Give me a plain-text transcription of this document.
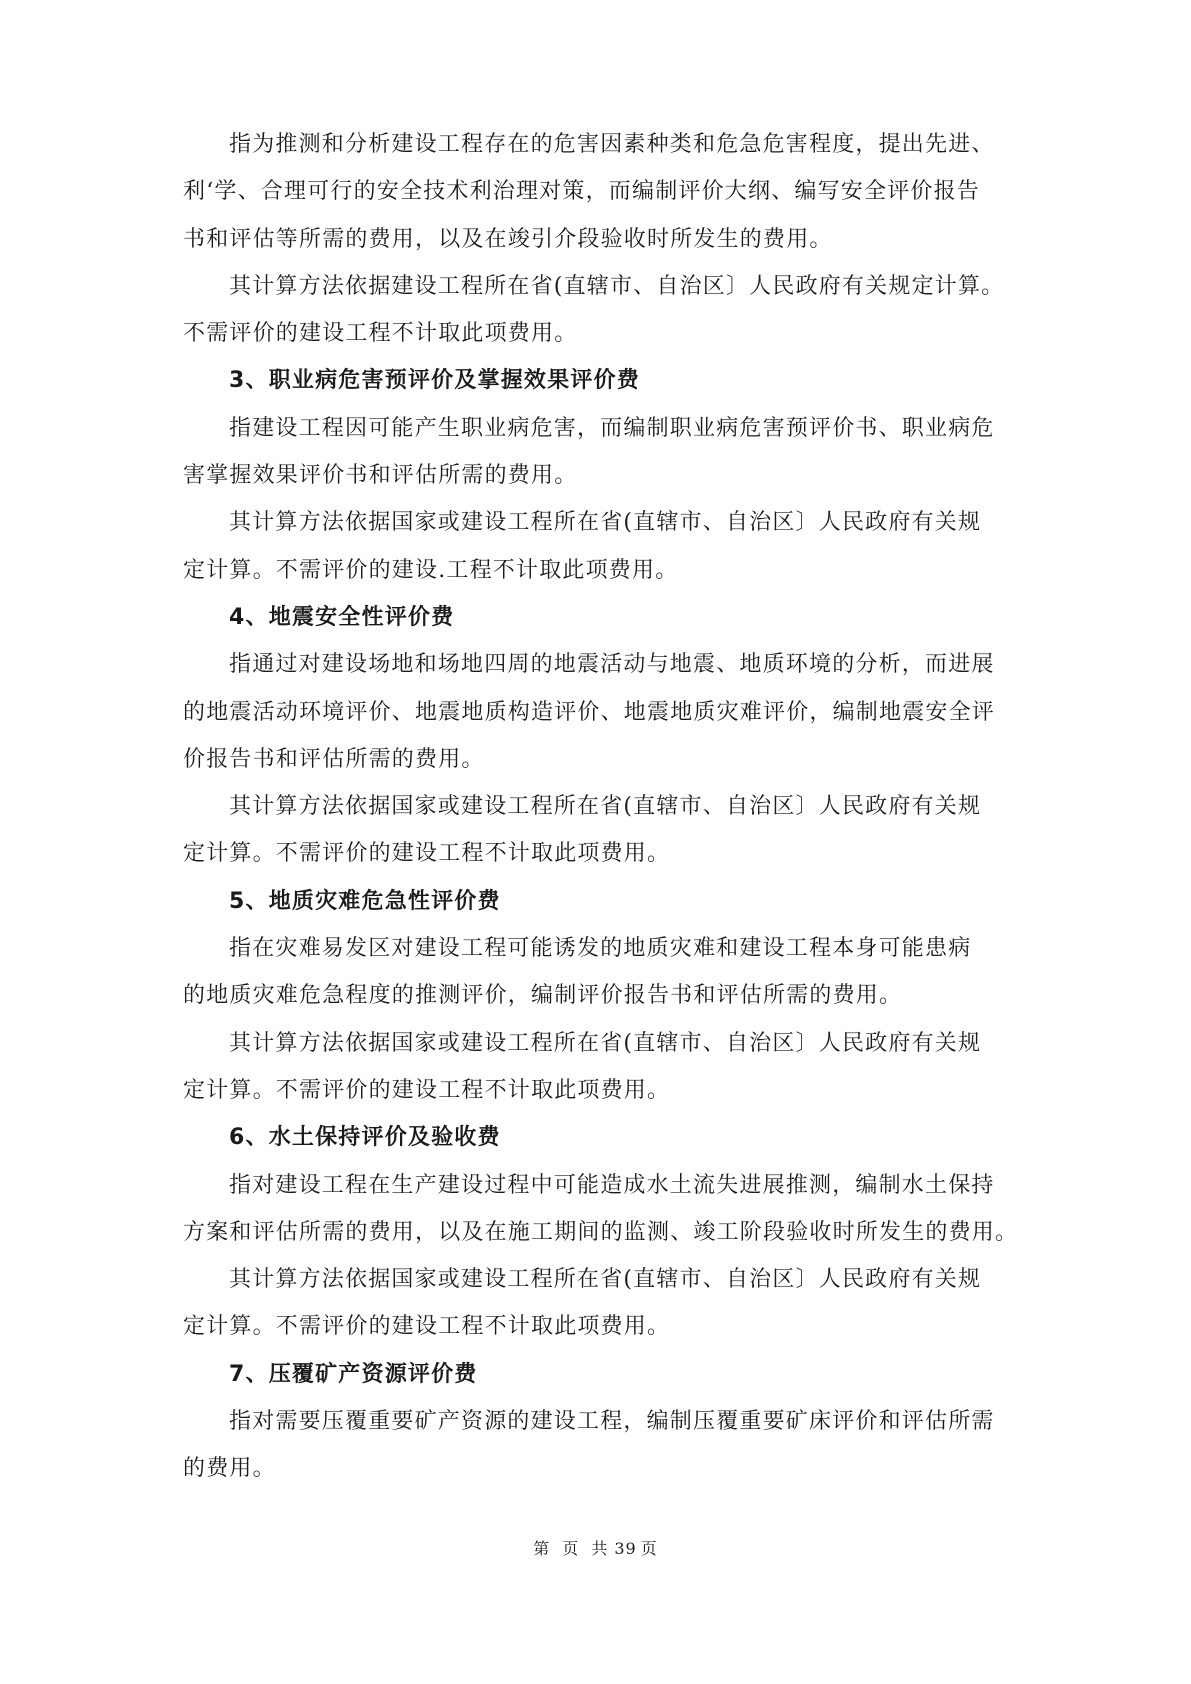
指为推测和分析建设工程存在的危害因素种类和危急危害程度，提出先进、
利‘学、合理可行的安全技术利治理对策，而编制评价大纲、编写安全评价报告
书和评估等所需的费用，以及在竣引介段验收时所发生的费用。
其计算方法依据建设工程所在省(直辖市、自治区〕人民政府有关规定计算。
不需评价的建设工程不计取此项费用。
3、职业病危害预评价及掌握效果评价费
指建设工程因可能产生职业病危害，而编制职业病危害预评价书、职业病危
害掌握效果评价书和评估所需的费用。
其计算方法依据国家或建设工程所在省(直辖市、自治区〕人民政府有关规
定计算。不需评价的建设.工程不计取此项费用。
4、地震安全性评价费
指通过对建设场地和场地四周的地震活动与地震、地质环境的分析，而进展
的地震活动环境评价、地震地质构造评价、地震地质灾难评价，编制地震安全评
价报告书和评估所需的费用。
其计算方法依据国家或建设工程所在省(直辖市、自治区〕人民政府有关规
定计算。不需评价的建设工程不计取此项费用。
5、地质灾难危急性评价费
指在灾难易发区对建设工程可能诱发的地质灾难和建设工程本身可能患病
的地质灾难危急程度的推测评价，编制评价报告书和评估所需的费用。
其计算方法依据国家或建设工程所在省(直辖市、自治区〕人民政府有关规
定计算。不需评价的建设工程不计取此项费用。
6、水土保持评价及验收费
指对建设工程在生产建设过程中可能造成水土流失进展推测，编制水土保持
方案和评估所需的费用，以及在施工期间的监测、竣工阶段验收时所发生的费用。
其计算方法依据国家或建设工程所在省(直辖市、自治区〕人民政府有关规
定计算。不需评价的建设工程不计取此项费用。
7、压覆矿产资源评价费
指对需要压覆重要矿产资源的建设工程，编制压覆重要矿床评价和评估所需
的费用。
第 页 共 39 页
